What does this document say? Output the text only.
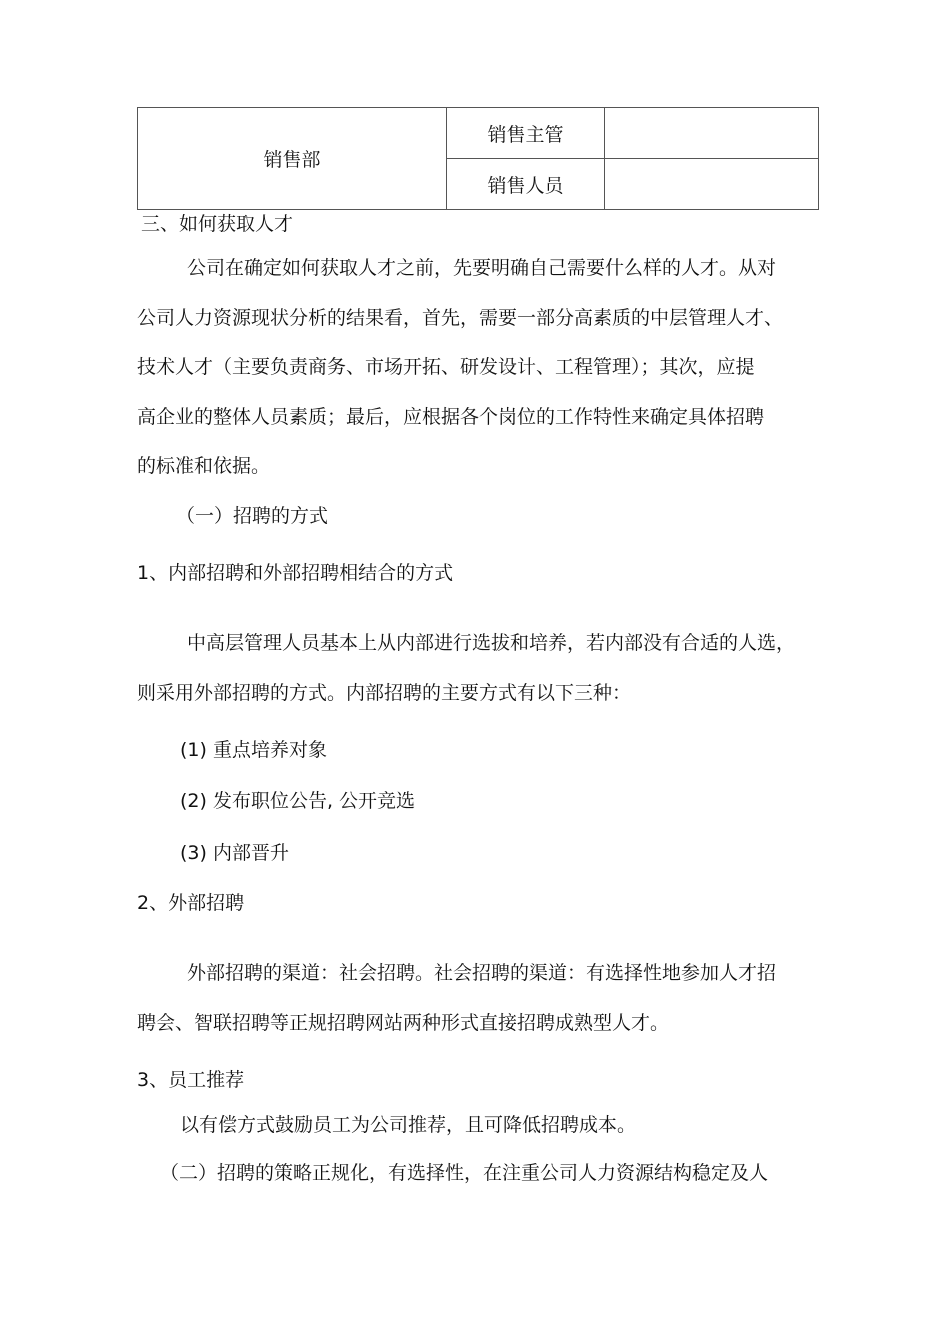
销售部	销售主管	
	销售人员	
三、如何获取人才
公司在确定如何获取人才之前，先要明确自己需要什么样的人才。从对
公司人力资源现状分析的结果看，首先，需要一部分高素质的中层管理人才、
技术人才（主要负责商务、市场开拓、研发设计、工程管理）；其次，应提
高企业的整体人员素质；最后，应根据各个岗位的工作特性来确定具体招聘
的标准和依据。
（一）招聘的方式
1、内部招聘和外部招聘相结合的方式
中高层管理人员基本上从内部进行选拔和培养，若内部没有合适的人选，
则采用外部招聘的方式。内部招聘的主要方式有以下三种：
(1) 重点培养对象
(2) 发布职位公告, 公开竞选
(3) 内部晋升
2、外部招聘
外部招聘的渠道：社会招聘。社会招聘的渠道：有选择性地参加人才招
聘会、智联招聘等正规招聘网站两种形式直接招聘成熟型人才。
3、员工推荐
以有偿方式鼓励员工为公司推荐，且可降低招聘成本。
（二）招聘的策略正规化，有选择性，在注重公司人力资源结构稳定及人
